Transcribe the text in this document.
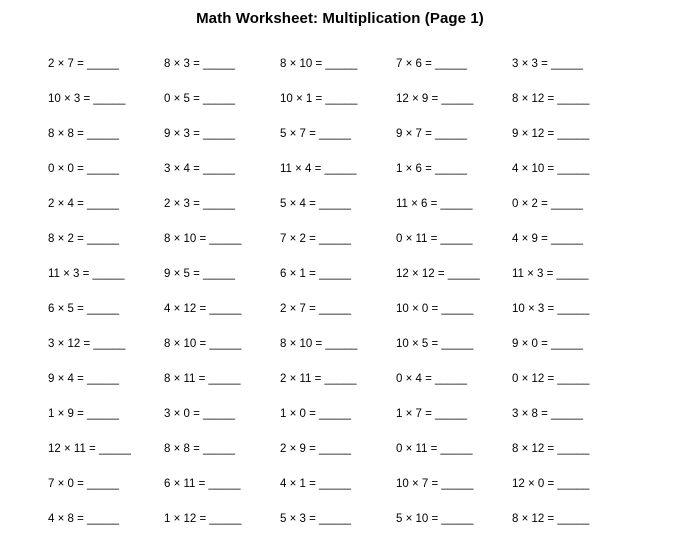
Math Worksheet: Multiplication (Page 1)
2 × 7 = _____	8 × 3 = _____	8 × 10 = _____	7 × 6 = _____	3 × 3 = _____
10 × 3 = _____	0 × 5 = _____	10 × 1 = _____	12 × 9 = _____	8 × 12 = _____
8 × 8 = _____	9 × 3 = _____	5 × 7 = _____	9 × 7 = _____	9 × 12 = _____
0 × 0 = _____	3 × 4 = _____	11 × 4 = _____	1 × 6 = _____	4 × 10 = _____
2 × 4 = _____	2 × 3 = _____	5 × 4 = _____	11 × 6 = _____	0 × 2 = _____
8 × 2 = _____	8 × 10 = _____	7 × 2 = _____	0 × 11 = _____	4 × 9 = _____
11 × 3 = _____	9 × 5 = _____	6 × 1 = _____	12 × 12 = _____	11 × 3 = _____
6 × 5 = _____	4 × 12 = _____	2 × 7 = _____	10 × 0 = _____	10 × 3 = _____
3 × 12 = _____	8 × 10 = _____	8 × 10 = _____	10 × 5 = _____	9 × 0 = _____
9 × 4 = _____	8 × 11 = _____	2 × 11 = _____	0 × 4 = _____	0 × 12 = _____
1 × 9 = _____	3 × 0 = _____	1 × 0 = _____	1 × 7 = _____	3 × 8 = _____
12 × 11 = _____	8 × 8 = _____	2 × 9 = _____	0 × 11 = _____	8 × 12 = _____
7 × 0 = _____	6 × 11 = _____	4 × 1 = _____	10 × 7 = _____	12 × 0 = _____
4 × 8 = _____	1 × 12 = _____	5 × 3 = _____	5 × 10 = _____	8 × 12 = _____
